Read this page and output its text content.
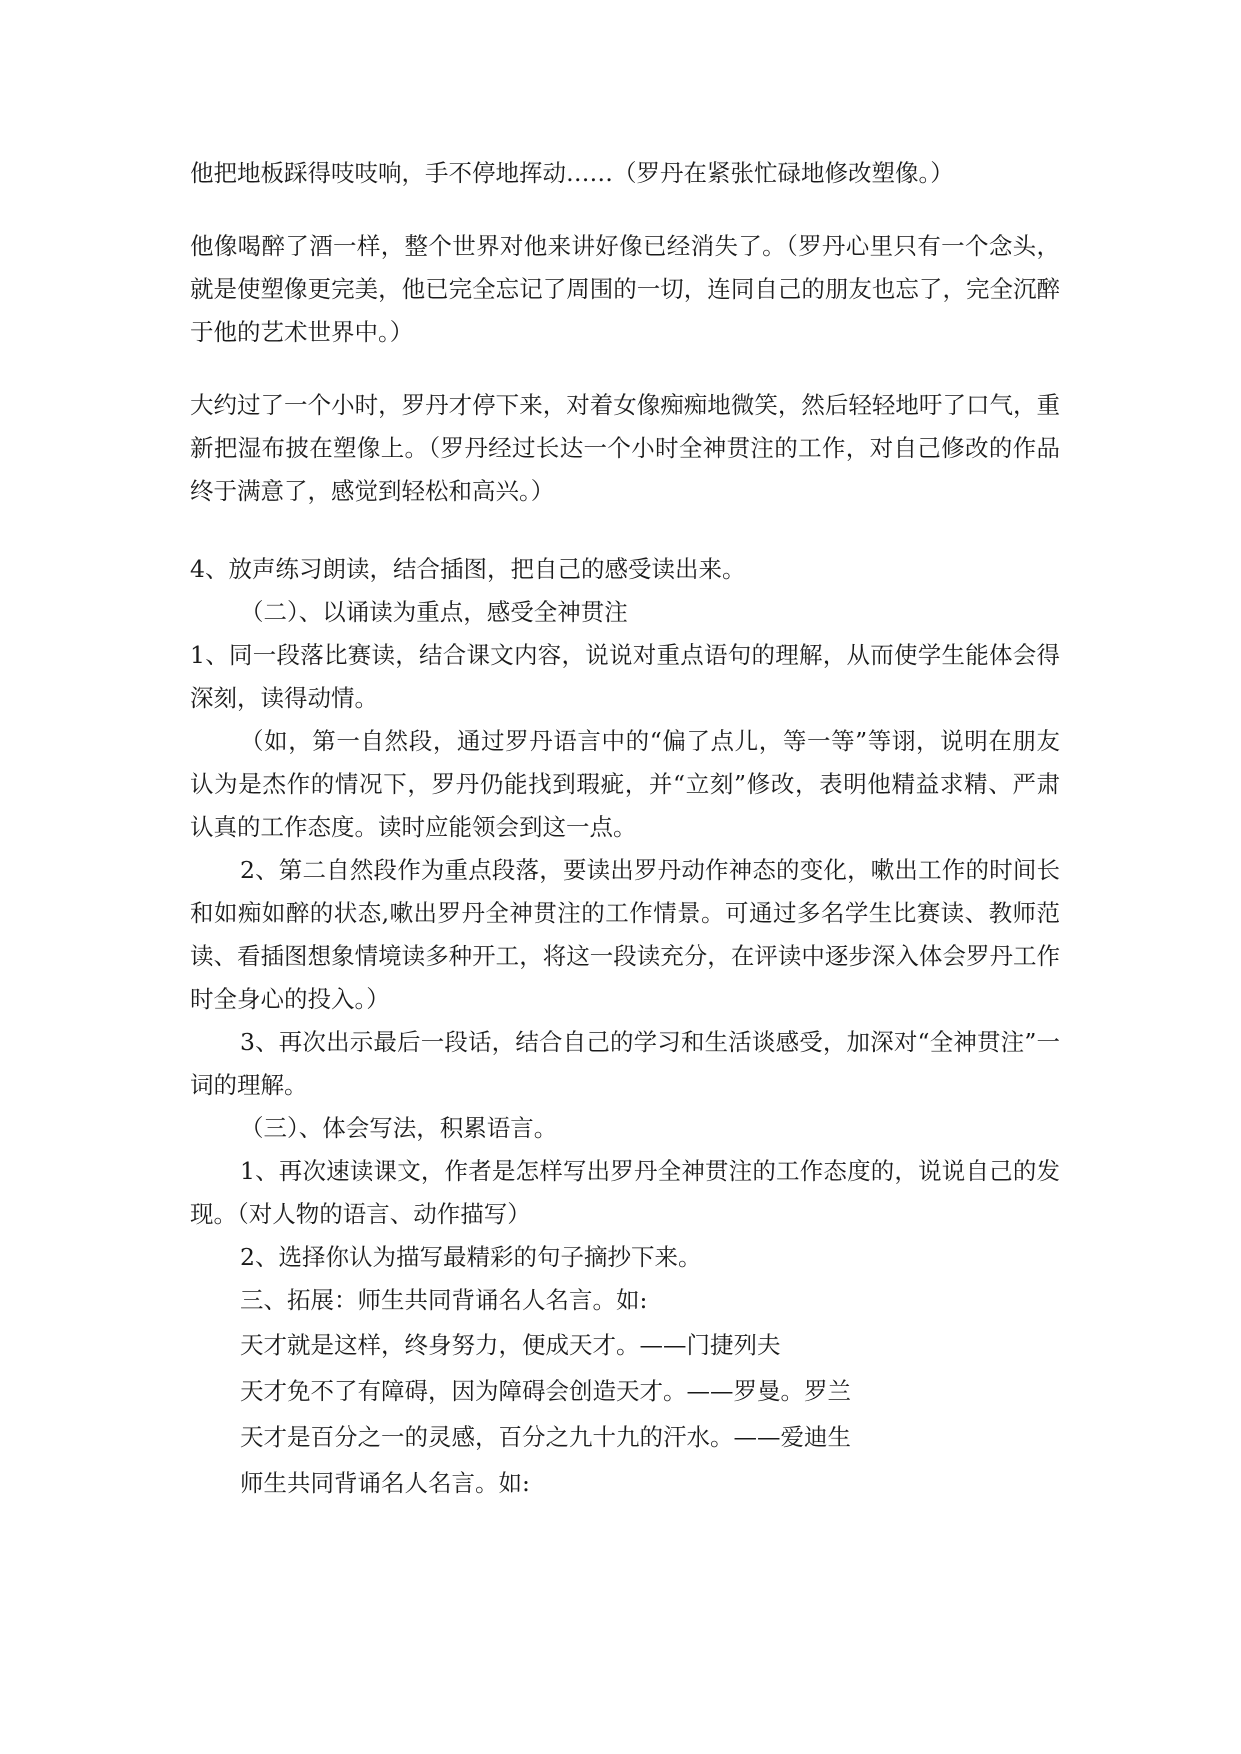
他把地板踩得吱吱响，手不停地挥动……（罗丹在紧张忙碌地修改塑像。）

他像喝醉了酒一样，整个世界对他来讲好像已经消失了。（罗丹心里只有一个念头，就是使塑像更完美，他已完全忘记了周围的一切，连同自己的朋友也忘了，完全沉醉于他的艺术世界中。）

大约过了一个小时，罗丹才停下来，对着女像痴痴地微笑，然后轻轻地吁了口气，重新把湿布披在塑像上。（罗丹经过长达一个小时全神贯注的工作，对自己修改的作品终于满意了，感觉到轻松和高兴。）

4、放声练习朗读，结合插图，把自己的感受读出来。

（二）、以诵读为重点，感受全神贯注

1、同一段落比赛读，结合课文内容，说说对重点语句的理解，从而使学生能体会得深刻，读得动情。

（如，第一自然段，通过罗丹语言中的“偏了点儿，等一等”等诩，说明在朋友认为是杰作的情况下，罗丹仍能找到瑕疵，并“立刻”修改，表明他精益求精、严肃认真的工作态度。读时应能领会到这一点。

2、第二自然段作为重点段落，要读出罗丹动作神态的变化，嗽出工作的时间长和如痴如醉的状态,嗽出罗丹全神贯注的工作情景。可通过多名学生比赛读、教师范读、看插图想象情境读多种开工，将这一段读充分，在评读中逐步深入体会罗丹工作时全身心的投入。）

3、再次出示最后一段话，结合自己的学习和生活谈感受，加深对“全神贯注”一词的理解。

（三）、体会写法，积累语言。

1、再次速读课文，作者是怎样写出罗丹全神贯注的工作态度的，说说自己的发现。（对人物的语言、动作描写）

2、选择你认为描写最精彩的句子摘抄下来。

三、拓展：师生共同背诵名人名言。如:

天才就是这样，终身努力，便成天才。——门捷列夫

天才免不了有障碍，因为障碍会创造天才。——罗曼。罗兰

天才是百分之一的灵感，百分之九十九的汗水。——爱迪生

师生共同背诵名人名言。如:
